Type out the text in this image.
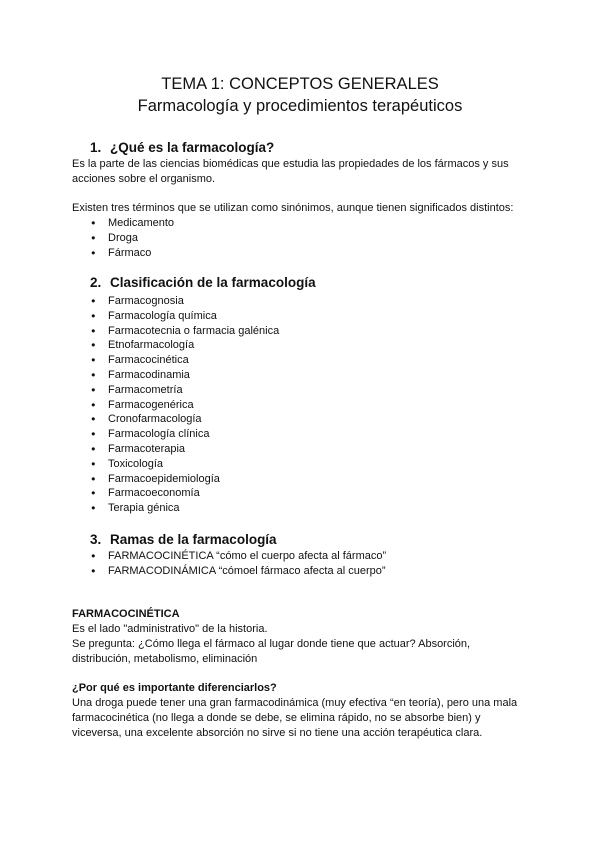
TEMA 1: CONCEPTOS GENERALES
Farmacología y procedimientos terapéuticos
1. ¿Qué es la farmacología?

Es la parte de las ciencias biomédicas que estudia las propiedades de los fármacos y sus

acciones sobre el organismo.

Existen tres términos que se utilizan como sinónimos, aunque tienen significados distintos:

● Medicamento
● Droga
● Fármaco
2. Clasificación de la farmacología
● Farmacognosia
● Farmacología química
● Farmacotecnia o farmacia galénica
● Etnofarmacología
● Farmacocinética
● Farmacodinamia
● Farmacometría
● Farmacogenérica
● Cronofarmacología
● Farmacología clínica
● Farmacoterapia
● Toxicología
● Farmacoepidemiología
● Farmacoeconomía
● Terapia génica
3. Ramas de la farmacología
● FARMACOCINÉTICA “cómo el cuerpo afecta al fármaco”
● FARMACODINÁMICA “cómoel fármaco afecta al cuerpo”

FARMACOCINÉTICA

Es el lado "administrativo" de la historia.

Se pregunta: ¿Cómo llega el fármaco al lugar donde tiene que actuar? Absorción,

distribución, metabolismo, eliminación

¿Por qué es importante diferenciarlos?

Una droga puede tener una gran farmacodinámica (muy efectiva “en teoría), pero una mala

farmacocinética (no llega a donde se debe, se elimina rápido, no se absorbe bien) y

viceversa, una excelente absorción no sirve si no tiene una acción terapéutica clara.
